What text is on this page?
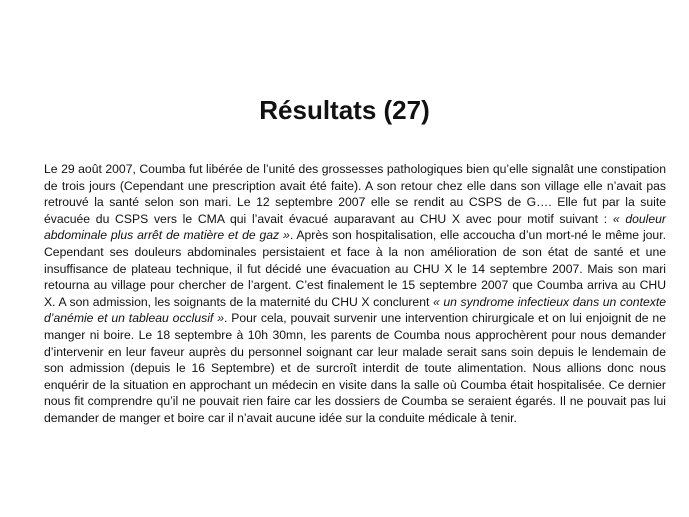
Résultats (27)

Le 29 août 2007, Coumba fut libérée de l’unité des grossesses pathologiques bien qu’elle signalât une constipation de trois jours (Cependant une prescription avait été faite). A son retour chez elle dans son village elle n’avait pas retrouvé la santé selon son mari. Le 12 septembre 2007 elle se rendit au CSPS de G…. Elle fut par la suite évacuée du CSPS vers le CMA qui l’avait évacué auparavant au CHU X avec pour motif suivant : « douleur abdominale plus arrêt de matière et de gaz ». Après son hospitalisation, elle accoucha d’un mort-né le même jour. Cependant ses douleurs abdominales persistaient et face à la non amélioration de son état de santé et une insuffisance de plateau technique, il fut décidé une évacuation au CHU X le 14 septembre 2007. Mais son mari retourna au village pour chercher de l’argent. C’est finalement le 15 septembre 2007 que Coumba arriva au CHU X. A son admission, les soignants de la maternité du CHU X conclurent « un syndrome infectieux dans un contexte d’anémie et un tableau occlusif ». Pour cela, pouvait survenir une intervention chirurgicale et on lui enjoignit de ne manger ni boire. Le 18 septembre à 10h 30mn, les parents de Coumba nous approchèrent pour nous demander d’intervenir en leur faveur auprès du personnel soignant car leur malade serait sans soin depuis le lendemain de son admission (depuis le 16 Septembre) et de surcroît interdit de toute alimentation. Nous allions donc nous enquérir de la situation en approchant un médecin en visite dans la salle où Coumba était hospitalisée. Ce dernier nous fit comprendre qu’il ne pouvait rien faire car les dossiers de Coumba se seraient égarés. Il ne pouvait pas lui demander de manger et boire car il n’avait aucune idée sur la conduite médicale à tenir.
